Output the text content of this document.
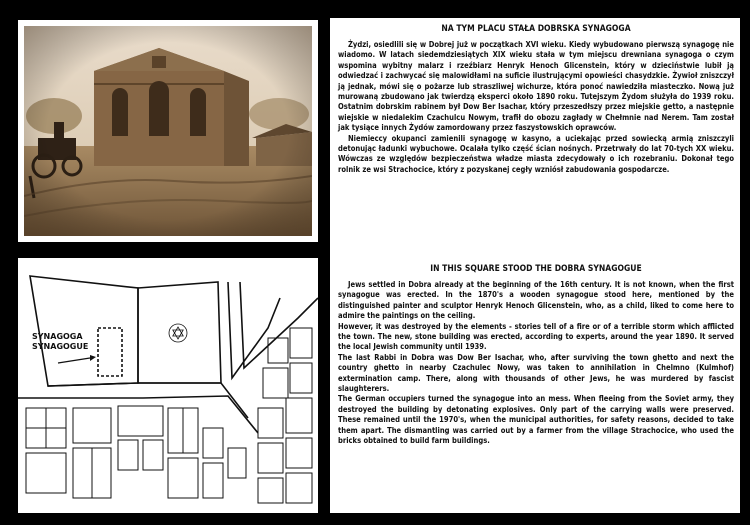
SYNAGOGA
SYNAGOGUE
NA TYM PLACU STAŁA DOBRSKA SYNAGOGA

Żydzi, osiedlili się w Dobrej już w początkach XVI wieku. Kiedy wybudowano pierwszą synagogę nie wiadomo. W latach siedemdziesiątych XIX wieku stała w tym miejscu drewniana synagoga o czym wspomina wybitny malarz i rzeźbiarz Henryk Henoch Glicenstein, który w dzieciństwie lubił ją odwiedzać i zachwycać się malowidłami na suficie ilustrującymi opowieści chasydzkie. Żywioł zniszczył ją jednak, mówi się o pożarze lub straszliwej wichurze, która ponoć nawiedziła miasteczko. Nową już murowaną zbudowano jak twierdzą eksperci około 1890 roku. Tutejszym Żydom służyła do 1939 roku. Ostatnim dobrskim rabinem był Dow Ber Isachar, który przeszedłszy przez miejskie getto, a następnie wiejskie w niedalekim Czachulcu Nowym, trafił do obozu zagłady w Chełmnie nad Nerem. Tam został jak tysiące innych Żydów zamordowany przez faszystowskich oprawców.

Niemieccy okupanci zamienili synagogę w kasyno, a uciekając przed sowiecką armią zniszczyli detonując ładunki wybuchowe. Ocalała tylko część ścian nośnych. Przetrwały do lat 70-tych XX wieku. Wówczas ze względów bezpieczeństwa władze miasta zdecydowały o ich rozebraniu. Dokonał tego rolnik ze wsi Strachocice, który z pozyskanej cegły wzniósł zabudowania gospodarcze.

IN THIS SQUARE STOOD THE DOBRA SYNAGOGUE

Jews settled in Dobra already at the beginning of the 16th century. It is not known, when the first synagogue was erected. In the 1870's a wooden synagogue stood here, mentioned by the distinguished painter and sculptor Henryk Henoch Glicenstein, who, as a child, liked to come here to admire the paintings on the ceiling.

However, it was destroyed by the elements - stories tell of a fire or of a terrible storm which afflicted the town. The new, stone building was erected, according to experts, around the year 1890. It served the local Jewish community until 1939.

The last Rabbi in Dobra was Dow Ber Isachar, who, after surviving the town ghetto and next the country ghetto in nearby Czachulec Nowy, was taken to annihilation in Chelmno (Kulmhof) extermination camp. There, along with thousands of other Jews, he was murdered by fascist slaughterers.

The German occupiers turned the synagogue into an mess. When fleeing from the Soviet army, they destroyed the building by detonating explosives. Only part of the carrying walls were preserved. These remained until the 1970's, when the municipal authorities, for safety reasons, decided to take them apart. The dismantling was carried out by a farmer from the village Strachocice, who used the bricks obtained to build farm buildings.
